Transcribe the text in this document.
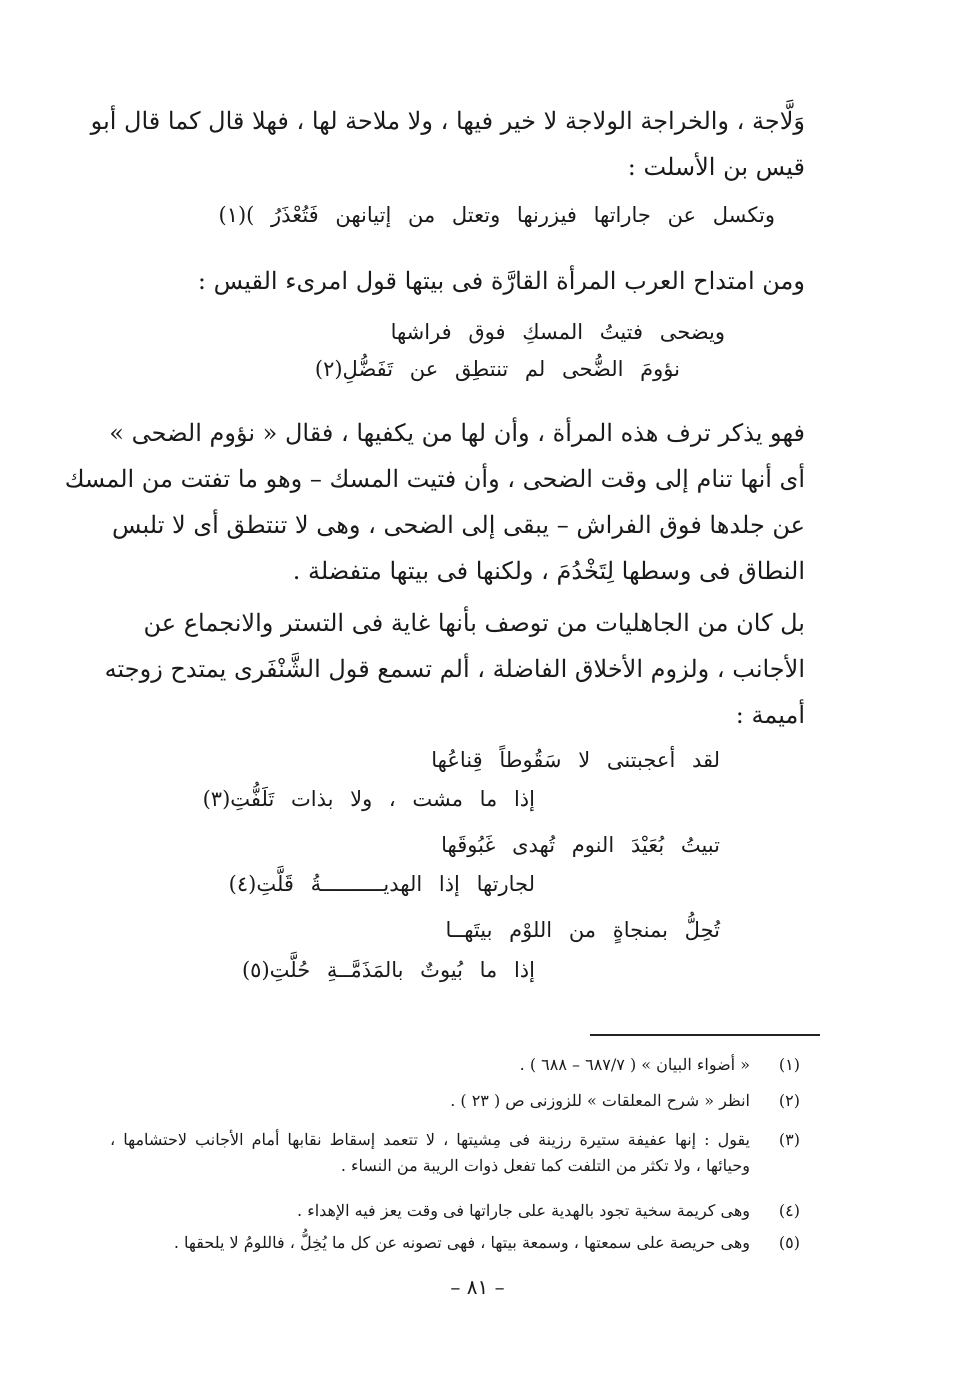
وَلَّاجة ، والخراجة الولاجة لا خير فيها ، ولا ملاحة لها ، فهلا قال كما قال أبو
قيس بن الأسلت :
وتكسل عن جاراتها فيزرنها وتعتل من إتيانهن فَتُعْذَرُ )(١)
ومن امتداح العرب المرأة القارَّة فى بيتها قول امرىء القيس :
ويضحى فتيتُ المسكِ فوق فراشها
نؤومَ الضُّحى لم تنتطِق عن تَفَضُّلِ(٢)
فهو يذكر ترف هذه المرأة ، وأن لها من يكفيها ، فقال « نؤوم الضحى »
أى أنها تنام إلى وقت الضحى ، وأن فتيت المسك – وهو ما تفتت من المسك
عن جلدها فوق الفراش – يبقى إلى الضحى ، وهى لا تنتطق أى لا تلبس
النطاق فى وسطها لِتَخْدُمَ ، ولكنها فى بيتها متفضلة .
بل كان من الجاهليات من توصف بأنها غاية فى التستر والانجماع عن
الأجانب ، ولزوم الأخلاق الفاضلة ، ألم تسمع قول الشَّنْفَرى يمتدح زوجته
أميمة :
لقد أعجبتنى لا سَقُوطاً قِناعُها
إذا ما مشت ، ولا بذات تَلَفُّتِ(٣)
تبيتُ بُعَيْدَ النوم تُهدى غَبُوقَها
لجارتها إذا الهديــــــــــةُ قَلَّتِ(٤)
تُحِلُّ بمنجاةٍ من اللوْم بيتَهــا
إذا ما بُيوتٌ بالمَذَمَّــةِ حُلَّتِ(٥)
(١)
« أضواء البيان » ( ٦٨٧/٧ – ٦٨٨ ) .
(٢)
انظر « شرح المعلقات » للزوزنى ص ( ٢٣ ) .
(٣)
يقول : إنها عفيفة ستيرة رزينة فى مِشيتها ، لا تتعمد إسقاط نقابها أمام الأجانب لاحتشامها ، وحيائها ، ولا تكثر من التلفت كما تفعل ذوات الريبة من النساء .
(٤)
وهى كريمة سخية تجود بالهدية على جاراتها فى وقت يعز فيه الإهداء .
(٥)
وهى حريصة على سمعتها ، وسمعة بيتها ، فهى تصونه عن كل ما يُخِلُّ ، فاللومُ لا يلحقها .
– ٨١ –
